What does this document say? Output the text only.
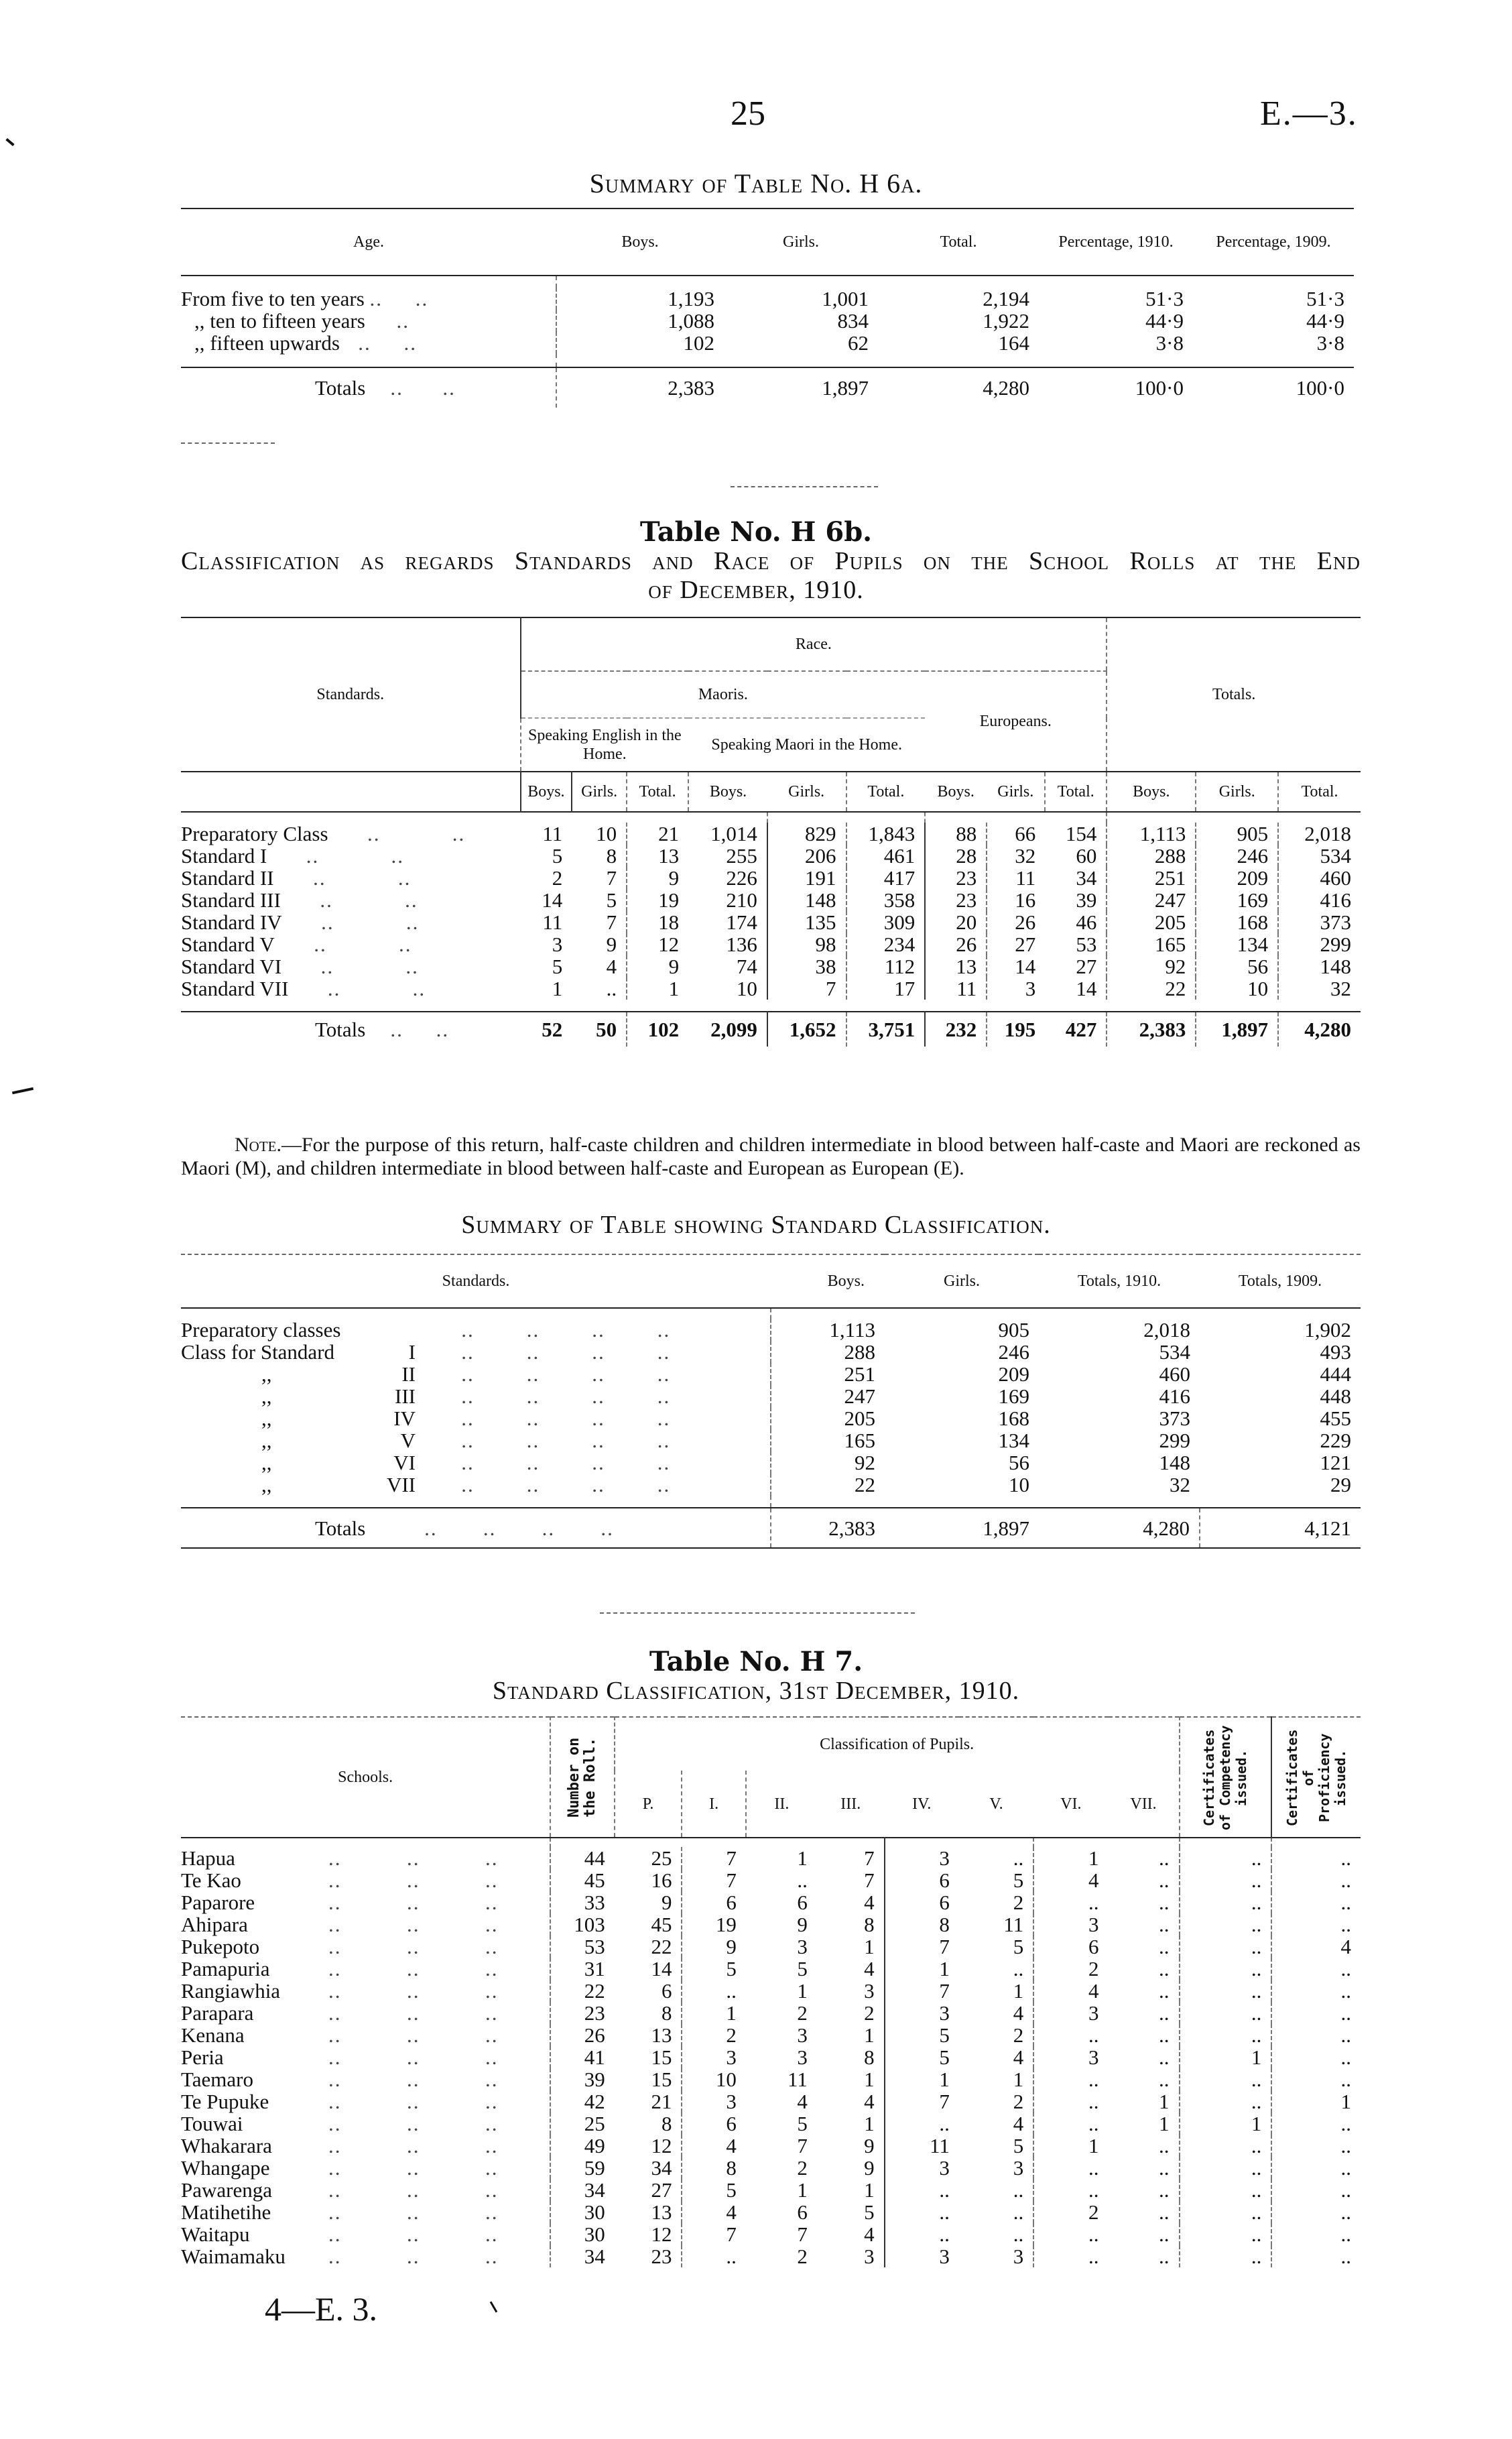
25	E.—3.
Summary of Table No. H 6a.
Age.	Boys.	Girls.	Total.	Percentage, 1910.	Percentage, 1909.

From five to ten years ..     ..	1,193	1,001	2,194	51·3	51·3
,, ten to fifteen years     ..	1,088	834	1,922	44·9	44·9
,, fifteen upwards   ..     ..	102	62	164	3·8	3·8

Totals    ..      ..	2,383	1,897	4,280	100·0	100·0
Table No. H 6b.
Classification as regards Standards and Race of Pupils on the School Rolls at the End
of December, 1910.
Standards.	Race.									Totals.		
	Maoris.						Europeans.					
	Speaking English in the Home.			Speaking Maori in the Home.								
	Boys.	Girls.	Total.	Boys.	Girls.	Total.	Boys.	Girls.	Total.	Boys.	Girls.	Total.

Preparatory Class      ..           ..	11	10	21	1,014	829	1,843	88	66	154	1,113	905	2,018
Standard I      ..           ..	5	8	13	255	206	461	28	32	60	288	246	534
Standard II      ..           ..	2	7	9	226	191	417	23	11	34	251	209	460
Standard III      ..           ..	14	5	19	210	148	358	23	16	39	247	169	416
Standard IV      ..           ..	11	7	18	174	135	309	20	26	46	205	168	373
Standard V      ..           ..	3	9	12	136	98	234	26	27	53	165	134	299
Standard VI      ..           ..	5	4	9	74	38	112	13	14	27	92	56	148
Standard VII      ..           ..	1	..	1	10	7	17	11	3	14	22	10	32

Totals    ..     ..	52	50	102	2,099	1,652	3,751	232	195	427	2,383	1,897	4,280
Note.—For the purpose of this return, half-caste children and children intermediate in blood between half-caste and Maori are reckoned as Maori (M), and children intermediate in blood between half-caste and European as European (E).
Summary of Table showing Standard Classification.
Standards.	Boys.	Girls.	Totals, 1910.	Totals, 1909.

Preparatory classes ..        ..        ..        ..	1,113	905	2,018	1,902
Class for Standard I       ..        ..        ..        ..	288	246	534	493
,, II       ..        ..        ..        ..	251	209	460	444
,, III       ..        ..        ..        ..	247	169	416	448
,, IV       ..        ..        ..        ..	205	168	373	455
,, V       ..        ..        ..        ..	165	134	299	229
,, VI       ..        ..        ..        ..	92	56	148	121
,, VII       ..        ..        ..        ..	22	10	32	29

Totals ..       ..       ..       ..	2,383	1,897	4,280	4,121
Table No. H 7.
Standard Classification, 31st December, 1910.
Schools.	Number on the Roll.	Classification of Pupils.								Certificates of Competency issued.	Certificates of Proficiency issued.

		P.	I.	II.	III.	IV.	V.	VI.	VII.		

Hapua ..          ..          ..	44	25	7	1	7	3	..	1	..	..	..
Te Kao ..          ..          ..	45	16	7	..	7	6	5	4	..	..	..
Paparore ..          ..          ..	33	9	6	6	4	6	2	..	..	..	..
Ahipara ..          ..          ..	103	45	19	9	8	8	11	3	..	..	..
Pukepoto ..          ..          ..	53	22	9	3	1	7	5	6	..	..	4
Pamapuria ..          ..          ..	31	14	5	5	4	1	..	2	..	..	..
Rangiawhia ..          ..          ..	22	6	..	1	3	7	1	4	..	..	..
Parapara ..          ..          ..	23	8	1	2	2	3	4	3	..	..	..
Kenana ..          ..          ..	26	13	2	3	1	5	2	..	..	..	..
Peria ..          ..          ..	41	15	3	3	8	5	4	3	..	1	..
Taemaro ..          ..          ..	39	15	10	11	1	1	1	..	..	..	..
Te Pupuke ..          ..          ..	42	21	3	4	4	7	2	..	1	..	1
Touwai ..          ..          ..	25	8	6	5	1	..	4	..	1	1	..
Whakarara ..          ..          ..	49	12	4	7	9	11	5	1	..	..	..
Whangape ..          ..          ..	59	34	8	2	9	3	3	..	..	..	..
Pawarenga ..          ..          ..	34	27	5	1	1	..	..	..	..	..	..
Matihetihe ..          ..          ..	30	13	4	6	5	..	..	2	..	..	..
Waitapu ..          ..          ..	30	12	7	7	4	..	..	..	..	..	..
Waimamaku ..          ..          ..	34	23	..	2	3	3	3	..	..	..	..
4—E. 3.
